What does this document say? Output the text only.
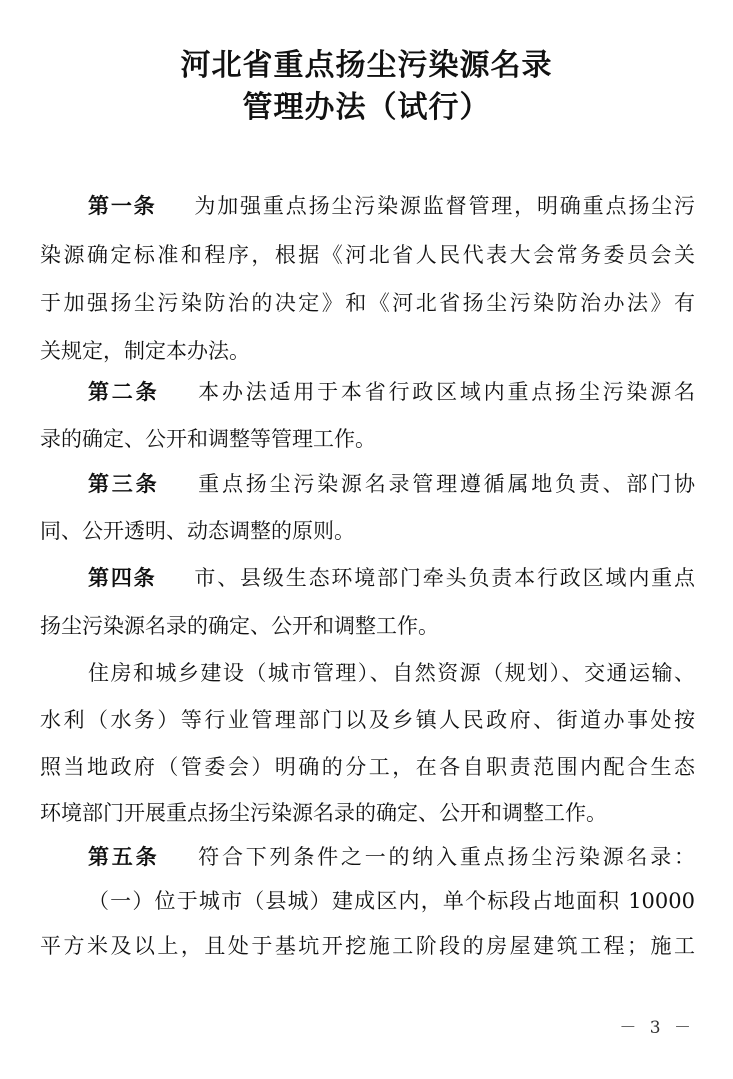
河北省重点扬尘污染源名录
管理办法（试行）
第一条 为加强重点扬尘污染源监督管理，明确重点扬尘污
染源确定标准和程序，根据《河北省人民代表大会常务委员会关
于加强扬尘污染防治的决定》和《河北省扬尘污染防治办法》有
关规定，制定本办法。
第二条 本办法适用于本省行政区域内重点扬尘污染源名
录的确定、公开和调整等管理工作。
第三条 重点扬尘污染源名录管理遵循属地负责、部门协
同、公开透明、动态调整的原则。
第四条 市、县级生态环境部门牵头负责本行政区域内重点
扬尘污染源名录的确定、公开和调整工作。
住房和城乡建设（城市管理）、自然资源（规划）、交通运输、
水利（水务）等行业管理部门以及乡镇人民政府、街道办事处按
照当地政府（管委会）明确的分工，在各自职责范围内配合生态
环境部门开展重点扬尘污染源名录的确定、公开和调整工作。
第五条 符合下列条件之一的纳入重点扬尘污染源名录：
（一）位于城市（县城）建成区内，单个标段占地面积 10000
平方米及以上，且处于基坑开挖施工阶段的房屋建筑工程；施工
－ 3 －
